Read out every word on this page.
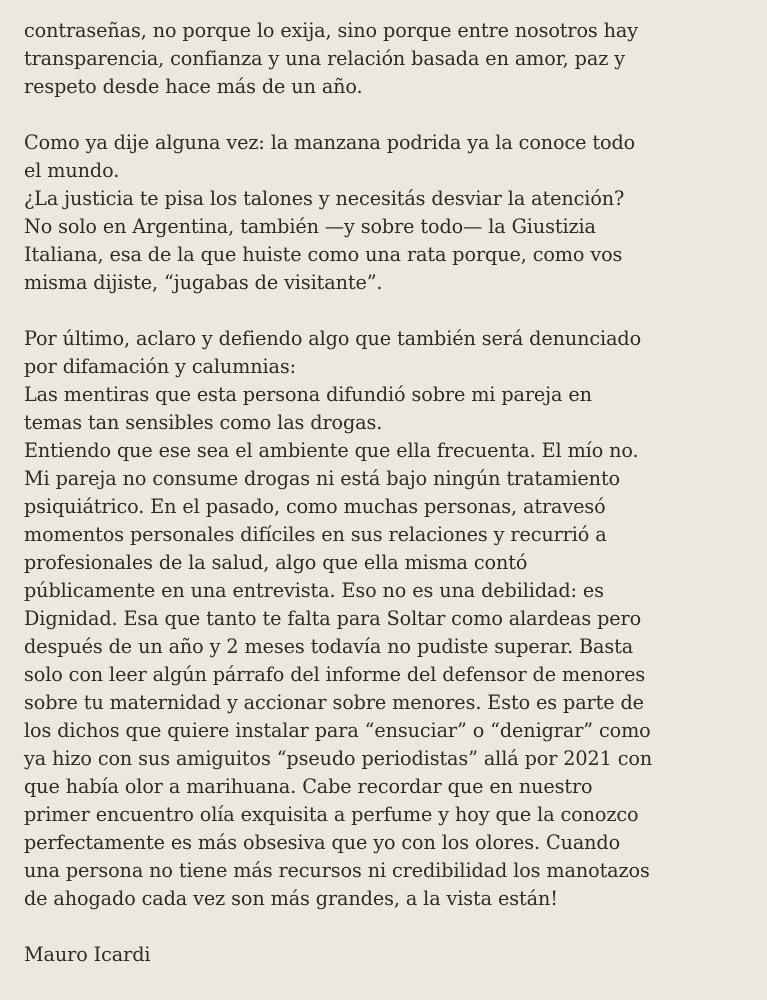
contraseñas, no porque lo exija, sino porque entre nosotros hay
transparencia, confianza y una relación basada en amor, paz y
respeto desde hace más de un año.

Como ya dije alguna vez: la manzana podrida ya la conoce todo
el mundo.
¿La justicia te pisa los talones y necesitás desviar la atención?
No solo en Argentina, también —y sobre todo— la Giustizia
Italiana, esa de la que huiste como una rata porque, como vos
misma dijiste, “jugabas de visitante”.

Por último, aclaro y defiendo algo que también será denunciado
por difamación y calumnias:
Las mentiras que esta persona difundió sobre mi pareja en
temas tan sensibles como las drogas.
Entiendo que ese sea el ambiente que ella frecuenta. El mío no.
Mi pareja no consume drogas ni está bajo ningún tratamiento
psiquiátrico. En el pasado, como muchas personas, atravesó
momentos personales difíciles en sus relaciones y recurrió a
profesionales de la salud, algo que ella misma contó
públicamente en una entrevista. Eso no es una debilidad: es
Dignidad. Esa que tanto te falta para Soltar como alardeas pero
después de un año y 2 meses todavía no pudiste superar. Basta
solo con leer algún párrafo del informe del defensor de menores
sobre tu maternidad y accionar sobre menores. Esto es parte de
los dichos que quiere instalar para “ensuciar” o “denigrar” como
ya hizo con sus amiguitos “pseudo periodistas” allá por 2021 con
que había olor a marihuana. Cabe recordar que en nuestro
primer encuentro olía exquisita a perfume y hoy que la conozco
perfectamente es más obsesiva que yo con los olores. Cuando
una persona no tiene más recursos ni credibilidad los manotazos
de ahogado cada vez son más grandes, a la vista están!

Mauro Icardi
